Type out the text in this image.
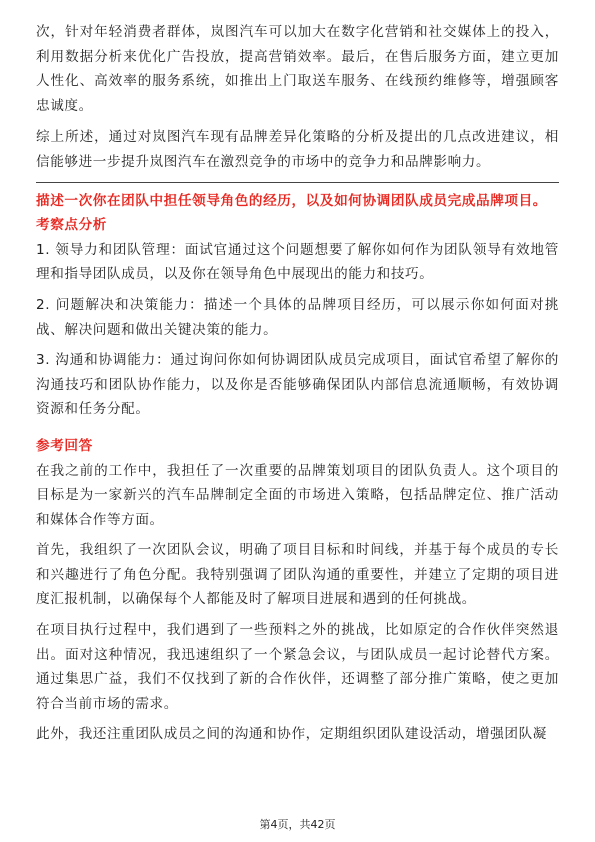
次，针对年轻消费者群体，岚图汽车可以加大在数字化营销和社交媒体上的投入，利用数据分析来优化广告投放，提高营销效率。最后，在售后服务方面，建立更加人性化、高效率的服务系统，如推出上门取送车服务、在线预约维修等，增强顾客忠诚度。

综上所述，通过对岚图汽车现有品牌差异化策略的分析及提出的几点改进建议，相信能够进一步提升岚图汽车在激烈竞争的市场中的竞争力和品牌影响力。

描述一次你在团队中担任领导角色的经历，以及如何协调团队成员完成品牌项目。

考察点分析

1. 领导力和团队管理：面试官通过这个问题想要了解你如何作为团队领导有效地管理和指导团队成员，以及你在领导角色中展现出的能力和技巧。

2. 问题解决和决策能力：描述一个具体的品牌项目经历，可以展示你如何面对挑战、解决问题和做出关键决策的能力。

3. 沟通和协调能力：通过询问你如何协调团队成员完成项目，面试官希望了解你的沟通技巧和团队协作能力，以及你是否能够确保团队内部信息流通顺畅，有效协调资源和任务分配。

参考回答

在我之前的工作中，我担任了一次重要的品牌策划项目的团队负责人。这个项目的目标是为一家新兴的汽车品牌制定全面的市场进入策略，包括品牌定位、推广活动和媒体合作等方面。

首先，我组织了一次团队会议，明确了项目目标和时间线，并基于每个成员的专长和兴趣进行了角色分配。我特别强调了团队沟通的重要性，并建立了定期的项目进度汇报机制，以确保每个人都能及时了解项目进展和遇到的任何挑战。

在项目执行过程中，我们遇到了一些预料之外的挑战，比如原定的合作伙伴突然退出。面对这种情况，我迅速组织了一个紧急会议，与团队成员一起讨论替代方案。通过集思广益，我们不仅找到了新的合作伙伴，还调整了部分推广策略，使之更加符合当前市场的需求。

此外，我还注重团队成员之间的沟通和协作，定期组织团队建设活动，增强团队凝

第4页，共42页
